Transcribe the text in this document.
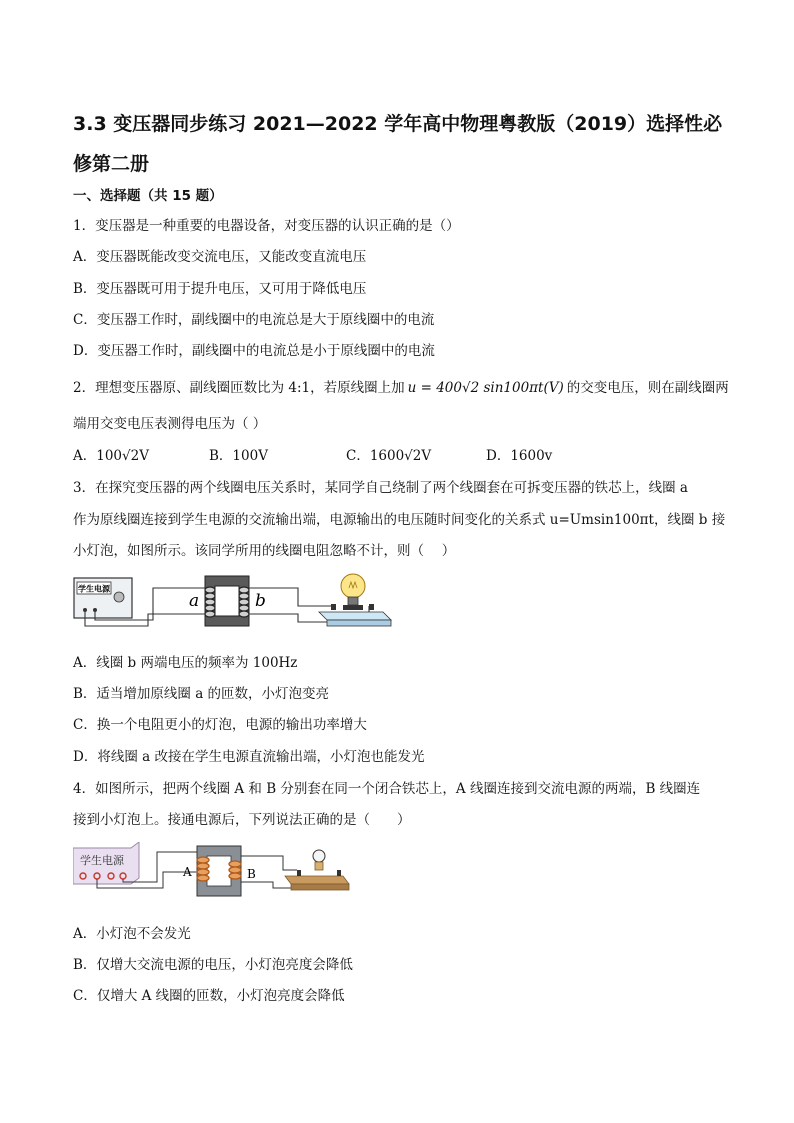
3.3 变压器同步练习 2021—2022 学年高中物理粤教版（2019）选择性必修第二册
一、选择题（共 15 题）
1．变压器是一种重要的电器设备，对变压器的认识正确的是（）
A．变压器既能改变交流电压，又能改变直流电压
B．变压器既可用于提升电压，又可用于降低电压
C．变压器工作时，副线圈中的电流总是大于原线圈中的电流
D．变压器工作时，副线圈中的电流总是小于原线圈中的电流
2．理想变压器原、副线圈匝数比为 4:1，若原线圈上加 u = 400√2 sin100πt(V) 的交变电压，则在副线圈两
端用交变电压表测得电压为（ ）
A．100√2V	B．100V	C．1600√2V	D．1600v
3．在探究变压器的两个线圈电压关系时，某同学自己绕制了两个线圈套在可拆变压器的铁芯上，线圈 a
作为原线圈连接到学生电源的交流输出端，电源输出的电压随时间变化的关系式 u=Umsin100πt，线圈 b 接
小灯泡，如图所示。该同学所用的线圈电阻忽略不计，则（　 ）
学生电源
a	b
A．线圈 b 两端电压的频率为 100Hz
B．适当增加原线圈 a 的匝数，小灯泡变亮
C．换一个电阻更小的灯泡，电源的输出功率增大
D．将线圈 a 改接在学生电源直流输出端，小灯泡也能发光
4．如图所示，把两个线圈 A 和 B 分别套在同一个闭合铁芯上，A 线圈连接到交流电源的两端，B 线圈连
接到小灯泡上。接通电源后，下列说法正确的是（　　）
学生电源
A	B
A．小灯泡不会发光
B．仅增大交流电源的电压，小灯泡亮度会降低
C．仅增大 A 线圈的匝数，小灯泡亮度会降低
